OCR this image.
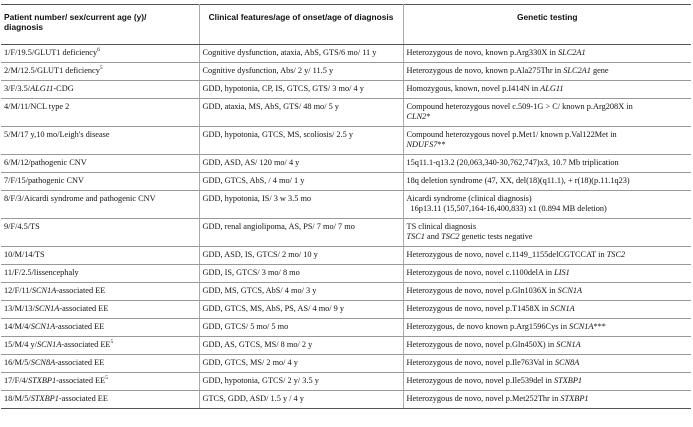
Patient number/ sex/current age (y)/
diagnosis	Clinical features/age of onset/age of diagnosis	Genetic testing
1/F/19.5/GLUT1 deficiency$^6$	Cognitive dysfunction, ataxia, AbS, GTS/6 mo/ 11 y	Heterozygous de novo, known p.Arg330X in SLC2A1

2/M/12.5/GLUT1 deficiency$^5$	Cognitive dysfunction, Abs/ 2 y/ 11.5 y	Heterozygous de novo, known p.Ala275Thr in SLC2A1 gene

3/F/3.5/ALG11-CDG	GDD, hypotonia, CP, IS, GTCS, GTS/ 3 mo/ 4 y	Homozygous, known, novel p.I414N in ALG11

4/M/11/NCL type 2	GDD, ataxia, MS, AbS, GTS/ 48 mo/ 5 y	Compound heterozygous novel c.509-1G > C/ known p.Arg208X in
CLN2*

5/M/17 y,10 mo/Leigh's disease	GDD, hypotonia, GTCS, MS, scoliosis/ 2.5 y	Compound heterozygous novel p.Met1/ known p.Val122Met in
NDUFS7**

6/M/12/pathogenic CNV	GDD, ASD, AS/ 120 mo/ 4 y	15q11.1-q13.2 (20,063,340-30,762,747)x3, 10.7 Mb triplication

7/F/15/pathogenic CNV	GDD, GTCS, AbS, / 4 mo/ 1 y	18q deletion syndrome (47, XX, del(18)(q11.1), + r(18)(p.11.1q23)

8/F/3/Aicardi syndrome and pathogenic CNV	GDD, hypotonia, IS/ 3 w 3.5 mo	Aicardi syndrome (clinical diagnosis)
16p13.11 (15,507,164-16,400,833) x1 (0.894 MB deletion)

9/F/4.5/TS	GDD, renal angiolipoma, AS, PS/ 7 mo/ 7 mo	TS clinical diagnosis
TSC1 and TSC2 genetic tests negative

10/M/14/TS	GDD, ASD, IS, GTCS/ 2 mo/ 10 y	Heterozygous de novo, novel c.1149_1155delCGTCCAT in TSC2

11/F/2.5/lissencephaly	GDD, IS, GTCS/ 3 mo/ 8 mo	Heterozygous de novo, novel c.1100delA in LIS1

12/F/11/SCN1A-associated EE	GDD, MS, GTCS, AbS/ 4 mo/ 3 y	Heterozygous de novo, novel p.Gln1036X in SCN1A

13/M/13/SCN1A-associated EE	GDD, GTCS, MS, AbS, PS, AS/ 4 mo/ 9 y	Heterozygous de novo, novel p.T1458X in SCN1A

14/M/4/SCN1A-associated EE	GDD, GTCS/ 5 mo/ 5 mo	Heterozygous, de novo known p.Arg1596Cys in SCN1A***

15/M/4 y/SCN1A-associated $EE^5$	GDD, AS, GTCS, MS/ 8 mo/ 2 y	Heterozygous de novo, novel p.Gln450X) in SCN1A

16/M/5/SCN8A-associated EE	GDD, GTCS, MS/ 2 mo/ 4 y	Heterozygous de novo, novel p.Ile763Val in SCN8A

17/F/4/STXBP1-associated $EE^5$	GDD, hypotonia, GTCS/ 2 y/ 3.5 y	Heterozygous de novo, novel p.Ile539del in STXBP1

18/M/5/STXBP1-associated EE	GTCS, GDD, ASD/ 1.5 y / 4 y	Heterozygous de novo, novel p.Met252Thr in STXBP1
